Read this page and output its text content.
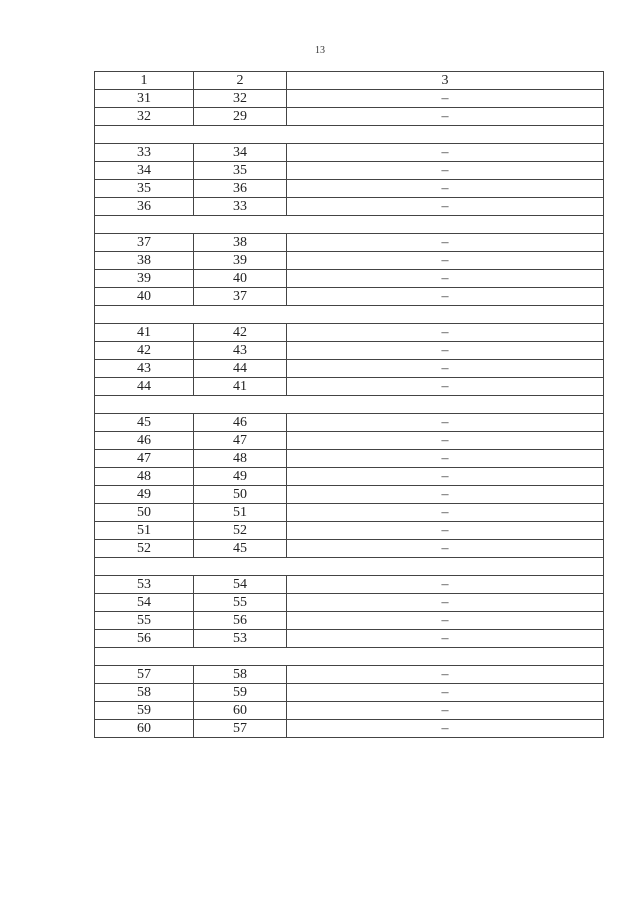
13
1	2	3
31	32	–
32	29	–

33	34	–
34	35	–
35	36	–
36	33	–

37	38	–
38	39	–
39	40	–
40	37	–

41	42	–
42	43	–
43	44	–
44	41	–

45	46	–
46	47	–
47	48	–
48	49	–
49	50	–
50	51	–
51	52	–
52	45	–

53	54	–
54	55	–
55	56	–
56	53	–

57	58	–
58	59	–
59	60	–
60	57	–
